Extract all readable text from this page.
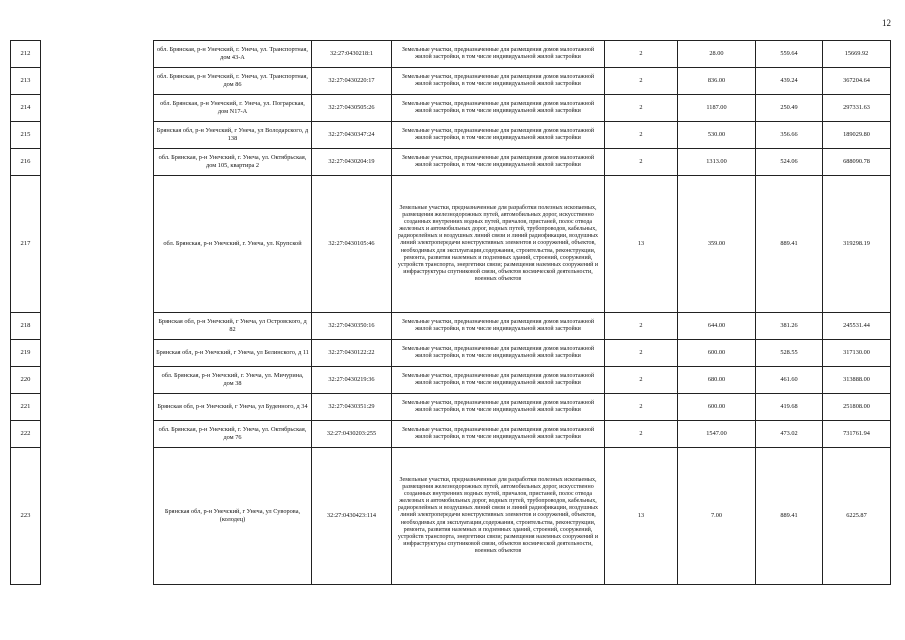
12
212		обл. Брянская, р-н Унечский, г. Унеча, ул. Транспортная, дом 43-А	32:27:0430218:1	Земельные участки, предназначенные для размещения домов малоэтажной жилой застройки, в том числе индивидуальной жилой застройки	2	28.00	559.64	15669.92
213		обл. Брянская, р-н Унечский, г. Унеча, ул. Транспортная, дом 86	32:27:0430220:17	Земельные участки, предназначенные для размещения домов малоэтажной жилой застройки, в том числе индивидуальной жилой застройки	2	836.00	439.24	367204.64
214		обл. Брянская, р-н Унечский, г. Унеча, ул. Пограрская, дом N17-А	32:27:0430505:26	Земельные участки, предназначенные для размещения домов малоэтажной жилой застройки, в том числе индивидуальной жилой застройки	2	1187.00	250.49	297331.63
215		Брянская обл, р-н Унечский, г Унеча, ул Володарского, д 138	32:27:0430347:24	Земельные участки, предназначенные для размещения домов малоэтажной жилой застройки, в том числе индивидуальной жилой застройки	2	530.00	356.66	189029.80
216		обл. Брянская, р-н Унечский, г. Унеча, ул. Октябрьская, дом 105, квартира 2	32:27:0430204:19	Земельные участки, предназначенные для размещения домов малоэтажной жилой застройки, в том числе индивидуальной жилой застройки	2	1313.00	524.06	688090.78
217		обл. Брянская, р-н Унечский, г. Унеча, ул. Крупской	32:27:0430105:46	Земельные участки, предназначенные для разработки полезных ископаемых, размещения железнодорожных путей, автомобильных дорог, искусственно созданных внутренних водных путей, причалов, пристаней, полос отвода железных и автомобильных дорог, водных путей, трубопроводов, кабельных, радиорелейных и воздушных линий связи и линий радиофикации, воздушных линий электропередачи конструктивных элементов и сооружений, объектов, необходимых для эксплуатации,содержания, строительства, реконструкции, ремонта, развития наземных и подземных зданий, строений, сооружений, устройств транспорта, энергетики связи; размещения наземных сооружений и инфраструктуры спутниковой связи, объектов космической деятельности, военных объектов	13	359.00	889.41	319298.19
218		Брянская обл, р-н Унечский, г Унеча, ул Островского, д 82	32:27:0430350:16	Земельные участки, предназначенные для размещения домов малоэтажной жилой застройки, в том числе индивидуальной жилой застройки	2	644.00	381.26	245531.44
219		Брянская обл, р-н Унечский, г Унеча, ул Белинского, д 11	32:27:0430122:22	Земельные участки, предназначенные для размещения домов малоэтажной жилой застройки, в том числе индивидуальной жилой застройки	2	600.00	528.55	317130.00
220		обл. Брянская, р-н Унечский, г. Унеча, ул. Мичурина, дом 38	32:27:0430219:36	Земельные участки, предназначенные для размещения домов малоэтажной жилой застройки, в том числе индивидуальной жилой застройки	2	680.00	461.60	313888.00
221		Брянская обл, р-н Унечский, г Унеча, ул Буденного, д 34	32:27:0430351:29	Земельные участки, предназначенные для размещения домов малоэтажной жилой застройки, в том числе индивидуальной жилой застройки	2	600.00	419.68	251808.00
222		обл. Брянская, р-н Унечский, г. Унеча, ул. Октябрьская, дом 76	32:27:0430203:255	Земельные участки, предназначенные для размещения домов малоэтажной жилой застройки, в том числе индивидуальной жилой застройки	2	1547.00	473.02	731761.94
223		Брянская обл, р-н Унечский, г Унеча, ул Суворова, (колодец)	32:27:0430423:114	Земельные участки, предназначенные для разработки полезных ископаемых, размещения железнодорожных путей, автомобильных дорог, искусственно созданных внутренних водных путей, причалов, пристаней, полос отвода железных и автомобильных дорог, водных путей, трубопроводов, кабельных, радиорелейных и воздушных линий связи и линий радиофикации, воздушных линий электропередачи конструктивных элементов и сооружений, объектов, необходимых для эксплуатации,содержания, строительства, реконструкции, ремонта, развития наземных и подземных зданий, строений, сооружений, устройств транспорта, энергетики связи; размещения наземных сооружений и инфраструктуры спутниковой связи, объектов космической деятельности, военных объектов	13	7.00	889.41	6225.87
